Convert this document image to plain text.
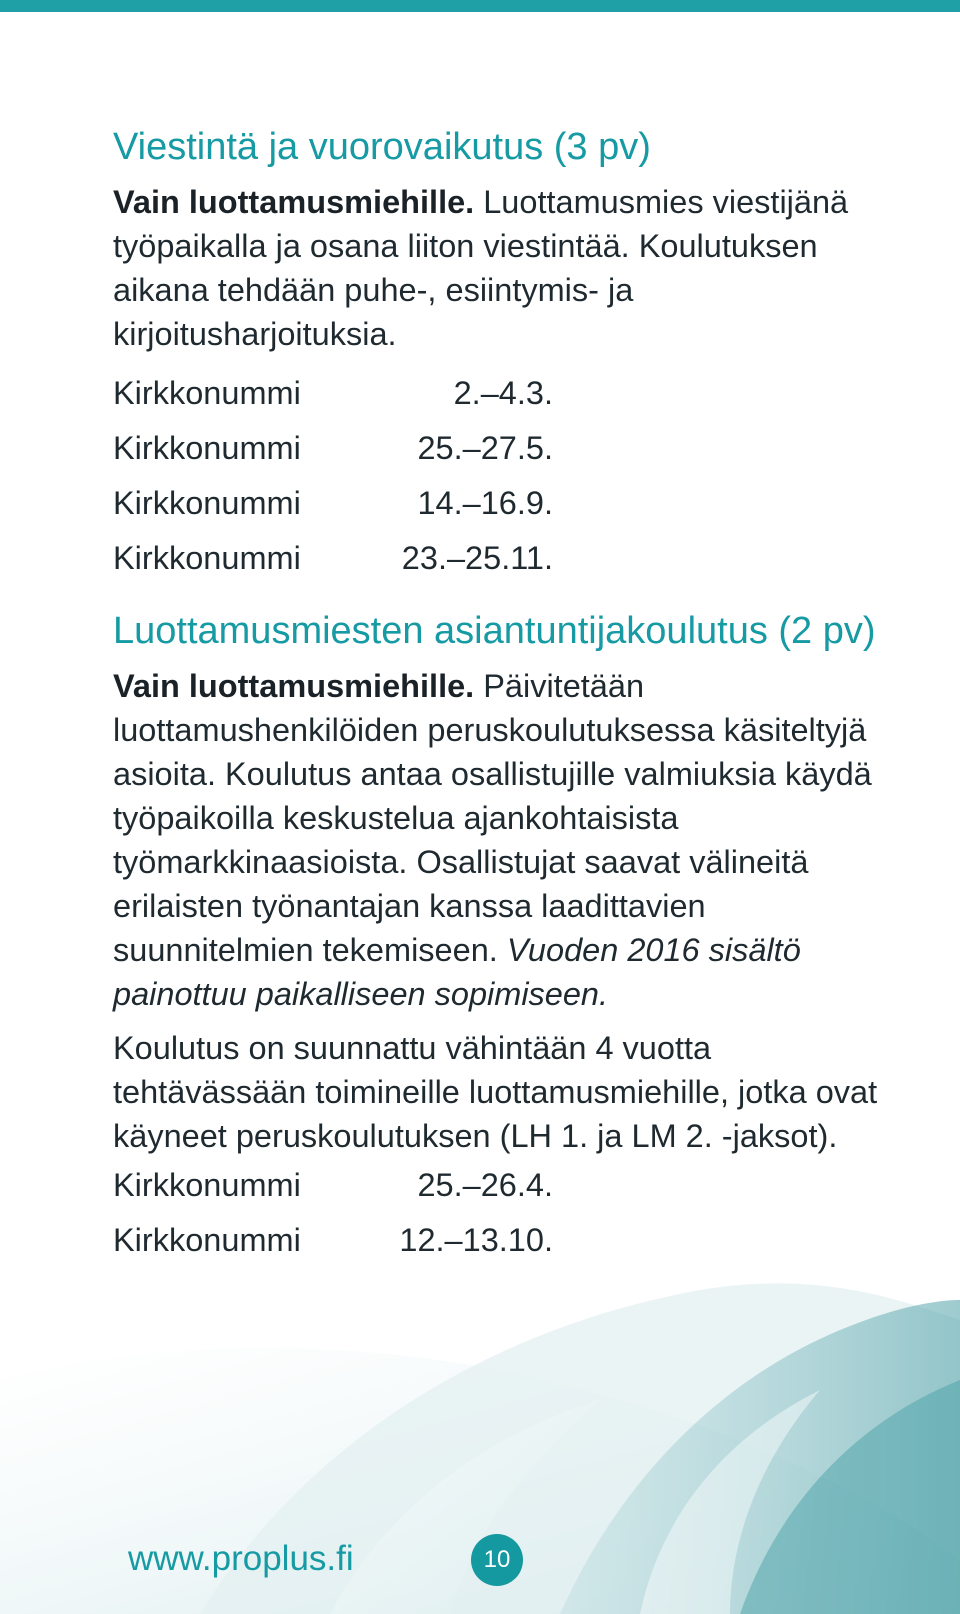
Viestintä ja vuorovaikutus (3 pv)

Vain luottamusmiehille. Luottamusmies viestijänä työpaikalla ja osana liiton viestintää. Koulutuksen aikana tehdään puhe-, esiintymis- ja kirjoitusharjoituksia.

Kirkkonummi	2.–4.3.
Kirkkonummi	25.–27.5.
Kirkkonummi	14.–16.9.
Kirkkonummi	23.–25.11.
Luottamusmiesten asiantuntijakoulutus (2 pv)

Vain luottamusmiehille. Päivitetään luottamushenkilöiden peruskoulutuksessa käsiteltyjä asioita. Koulutus antaa osallistujille valmiuksia käydä työpaikoilla keskustelua ajankohtaisista työmarkkinaasioista. Osallistujat saavat välineitä erilaisten työnantajan kanssa laadittavien suunnitelmien tekemiseen. Vuoden 2016 sisältö painottuu paikalliseen sopimiseen.

Koulutus on suunnattu vähintään 4 vuotta tehtävässään toimineille luottamusmiehille, jotka ovat käyneet peruskoulutuksen (LH 1. ja LM 2. -jaksot).

Kirkkonummi	25.–26.4.
Kirkkonummi	12.–13.10.
www.proplus.fi	10
